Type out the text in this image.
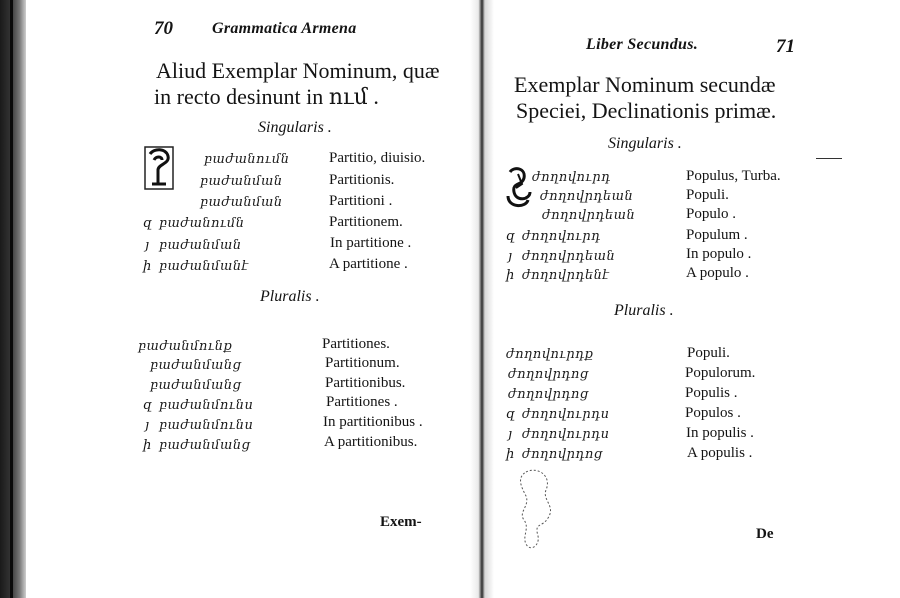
70 Grammatica Armena
Aliud Exemplar Nominum, quæ
in recto desinunt in ում .
Singularis .
բաժանումն	Partitio, diuisio.
բաժանման	Partitionis.
բաժանման	Partitioni .
զ բաժանումն	Partitionem.
յ բաժանման	In partitione .
ի բաժանմանէ	A partitione .
Pluralis .
բաժանմունք	Partitiones.
բաժանմանց	Partitionum.
բաժանմանց	Partitionibus.
զ բաժանմունս	Partitiones .
յ բաժանմունս	In partitionibus .
ի բաժանմանց	A partitionibus.
Exem-
Liber Secundus.	71
Exemplar Nominum secundæ
Speciei, Declinationis primæ.
Singularis .
ժողովուրդ	Populus, Turba.
ժողովրդեան	Populi.
ժողովրդեան	Populo .
զ ժողովուրդ	Populum .
յ ժողովրդեան	In populo .
ի ժողովրդենէ	A populo .
Pluralis .
ժողովուրդք	Populi.
ժողովրդոց	Populorum.
ժողովրդոց	Populis .
զ ժողովուրդս	Populos .
յ ժողովուրդս	In populis .
ի ժողովրդոց	A populis .
De
